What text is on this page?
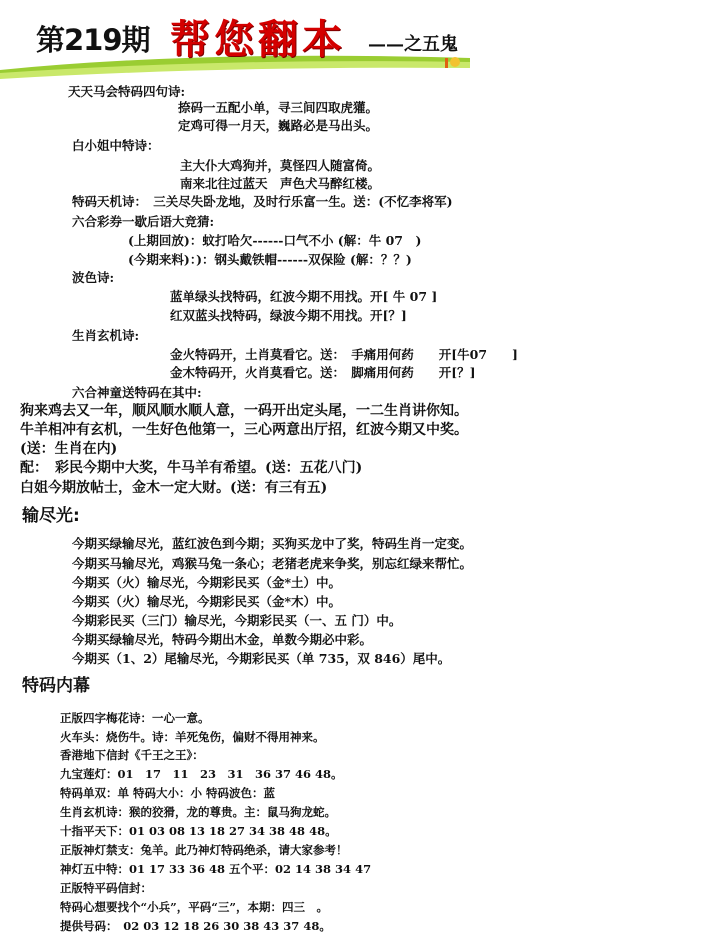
第219期 帮您翻本 ——之五鬼
天天马会特码四句诗:
捺码一五配小单，寻三间四取虎獾。
定鸡可得一月天，巍路必是马出头。
白小姐中特诗：
主大仆大鸡狗并，莫怪四人随富倚。
南来北往过蓝天　声色犬马醉红楼。
特码天机诗：　三关尽失卧龙地，及时行乐富一生。送：(不忆李将军)
六合彩券一歇后语大竞猜:
(上期回放)：蚊打哈欠------口气不小 (解：牛 07　)
(今期来料)：)：钢头戴铁帽------双保险 (解：？？)
波色诗:
蓝单绿头找特码，红波今期不用找。开[ 牛 07 ]
红双蓝头找特码，绿波今期不用找。开[？]
生肖玄机诗:
金火特码开，土肖莫看它。送：　手痛用何药　　开[牛07　　]
金木特码开，火肖莫看它。送：　脚痛用何药　　开[？]
六合神童送特码在其中:
狗来鸡去又一年，顺风顺水顺人意，一码开出定头尾，一二生肖讲你知。
牛羊相冲有玄机，一生好色他第一，三心两意出厅招，红波今期又中奖。
(送：生肖在内)
配：　彩民今期中大奖，牛马羊有希望。(送：五花八门)
白姐今期放帖士，金木一定大财。(送：有三有五)
输尽光:
今期买绿输尽光，蓝红波色到今期；买狗买龙中了奖，特码生肖一定变。
今期买马输尽光，鸡猴马兔一条心；老猪老虎来争奖，别忘红绿来帮忙。
今期买（火）输尽光，今期彩民买（金*土）中。
今期买（火）输尽光，今期彩民买（金*木）中。
今期彩民买（三门）输尽光，今期彩民买（一、五 门）中。
今期买绿输尽光，特码今期出木金，单数今期必中彩。
今期买（1、2）尾输尽光，今期彩民买（单 735，双 846）尾中。
特码内幕
正版四字梅花诗：一心一意。
火车头：烧伤牛。诗：羊死兔伤，偏财不得用神来。
香港地下信封《千王之王》：
九宝莲灯：01　17　11　23　31　36 37 46 48。
特码单双：单 特码大小：小 特码波色：蓝
生肖玄机诗：猴的狡猾，龙的尊贵。主：鼠马狗龙蛇。
十指平天下：01 03 08 13 18 27 34 38 48 48。
正版神灯禁支：兔羊。此乃神灯特码绝杀，请大家参考！
神灯五中特：01 17 33 36 48 五个平：02 14 38 34 47
正版特平码信封：
特码心想要找个“小兵”，平码“三”，本期：四三　。
提供号码：　02 03 12 18 26 30 38 43 37 48。
